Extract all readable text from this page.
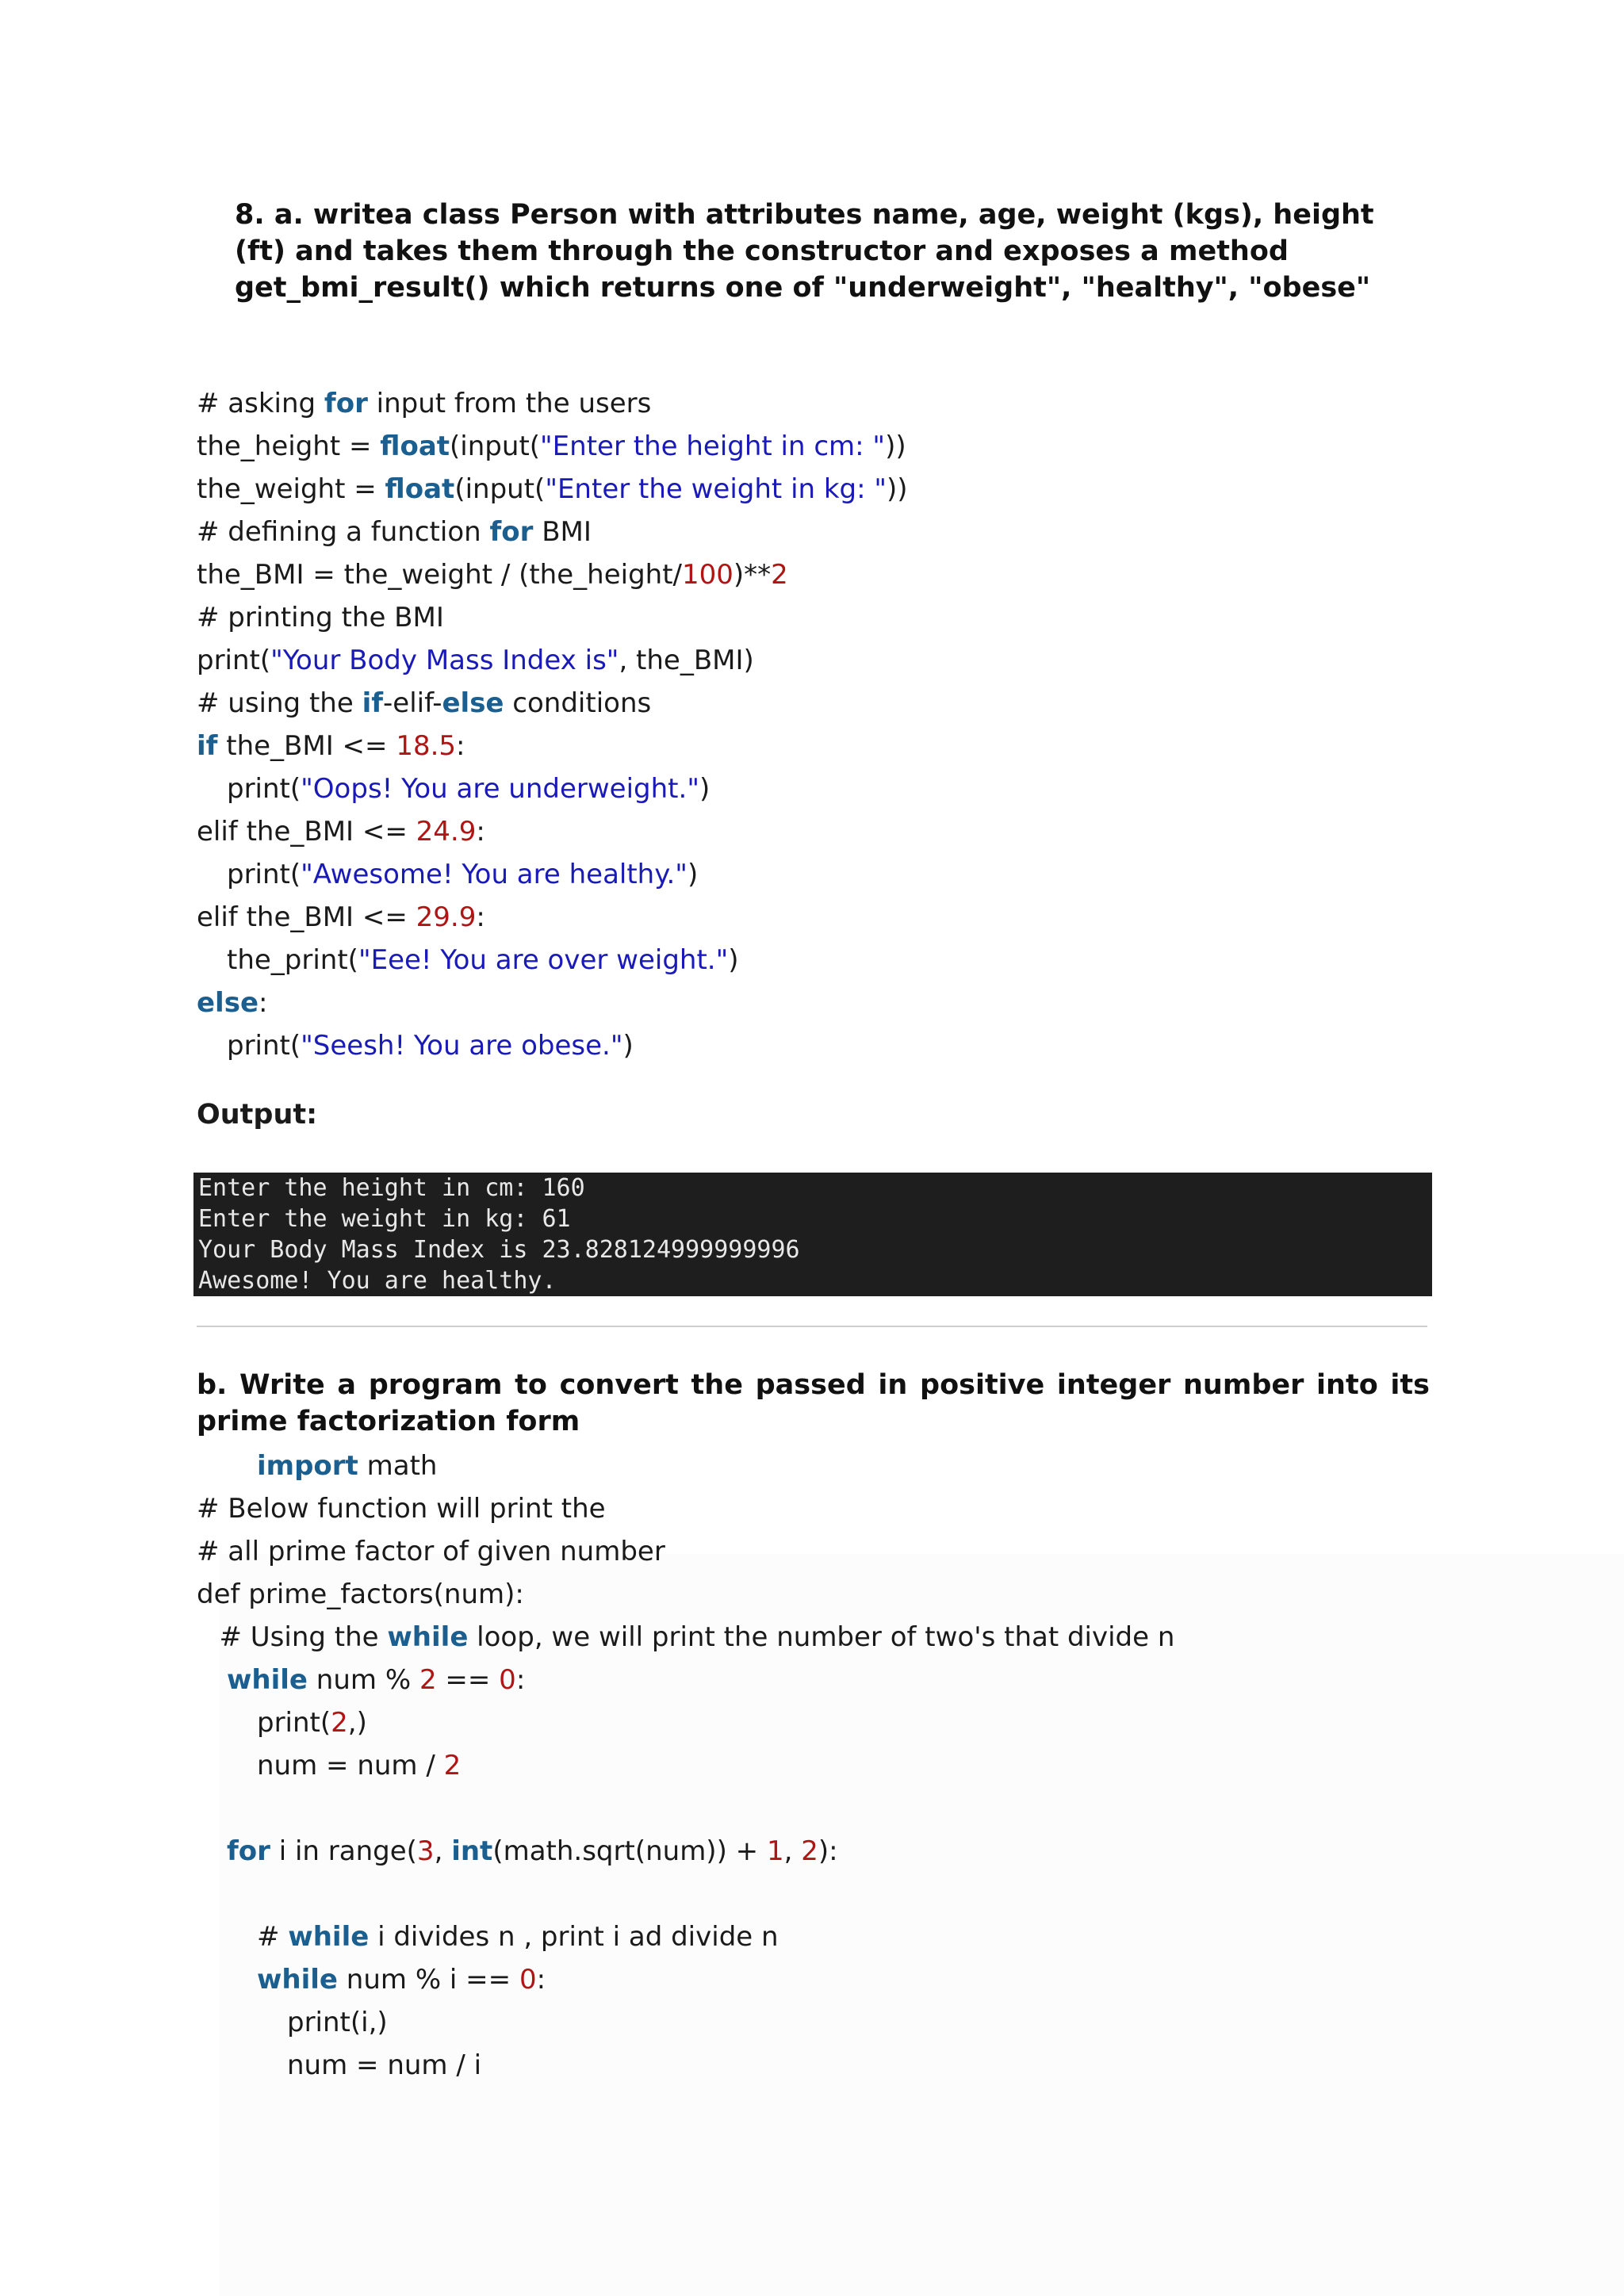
8. a. writea class Person with attributes name, age, weight (kgs), height (ft) and takes them through the constructor and exposes a method get_bmi_result() which returns one of "underweight", "healthy", "obese"
# asking for input from the users
the_height = float(input("Enter the height in cm: "))
the_weight = float(input("Enter the weight in kg: "))
# defining a function for BMI
the_BMI = the_weight / (the_height/100)**2
# printing the BMI
print("Your Body Mass Index is", the_BMI)
# using the if-elif-else conditions
if the_BMI <= 18.5:
print("Oops! You are underweight.")
elif the_BMI <= 24.9:
print("Awesome! You are healthy.")
elif the_BMI <= 29.9:
the_print("Eee! You are over weight.")
else:
print("Seesh! You are obese.")

Output:

Enter the height in cm: 160
Enter the weight in kg: 61
Your Body Mass Index is 23.828124999999996
Awesome! You are healthy.
b. Write a program to convert the passed in positive integer number into its prime factorization form
import math
# Below function will print the
# all prime factor of given number
def prime_factors(num):
# Using the while loop, we will print the number of two's that divide n
while num % 2 == 0:
print(2,)
num = num / 2
for i in range(3, int(math.sqrt(num)) + 1, 2):
# while i divides n , print i ad divide n
while num % i == 0:
print(i,)
num = num / i
